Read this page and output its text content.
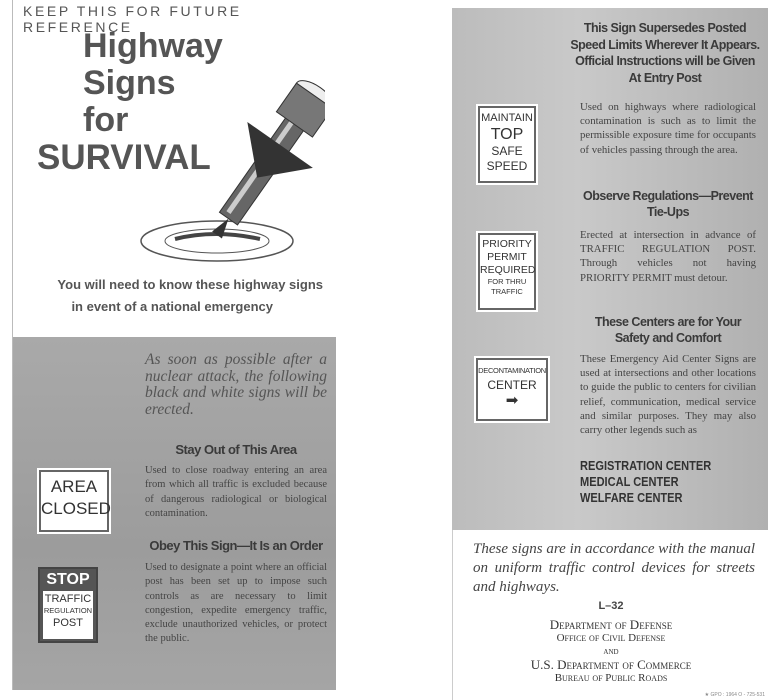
KEEP THIS FOR FUTURE REFERENCE
Highway
Signs
for
SURVIVAL
You will need to know these highway signs
in event of a national emergency
As soon as possible after a nuclear attack, the following black and white signs will be erected.
Stay Out of This Area
Used to close roadway entering an area from which all traffic is excluded because of dangerous radiological or biological contamination.
AREA
CLOSED
Obey This Sign—It Is an Order
Used to designate a point where an official post has been set up to impose such controls as are necessary to limit congestion, expedite emergency traffic, exclude unauthorized vehicles, or protect the public.
STOP
TRAFFIC
REGULATION
POST
This Sign Supersedes Posted Speed Limits Wherever It Appears. Official Instructions will be Given At Entry Post
Used on highways where radiological contamination is such as to limit the permissible exposure time for occupants of vehicles passing through the area.
MAINTAIN
TOP
SAFE
SPEED
Observe Regulations—Prevent Tie-Ups
Erected at intersection in advance of TRAFFIC REGULATION POST. Through vehicles not having PRIORITY PERMIT must detour.
PRIORITY
PERMIT
REQUIRED
FOR THRU
TRAFFIC
These Centers are for Your Safety and Comfort
These Emergency Aid Center Signs are used at intersections and other locations to guide the public to centers for civilian relief, communication, medical service and similar purposes. They may also carry other legends such as
DECONTAMINATION
CENTER
➡
REGISTRATION CENTER
MEDICAL CENTER
WELFARE CENTER
These signs are in accordance with the manual on uniform traffic control devices for streets and highways.
L–32
Department of Defense
Office of Civil Defense
and
U.S. Department of Commerce
Bureau of Public Roads
★ GPO : 1964 O - 725-531
